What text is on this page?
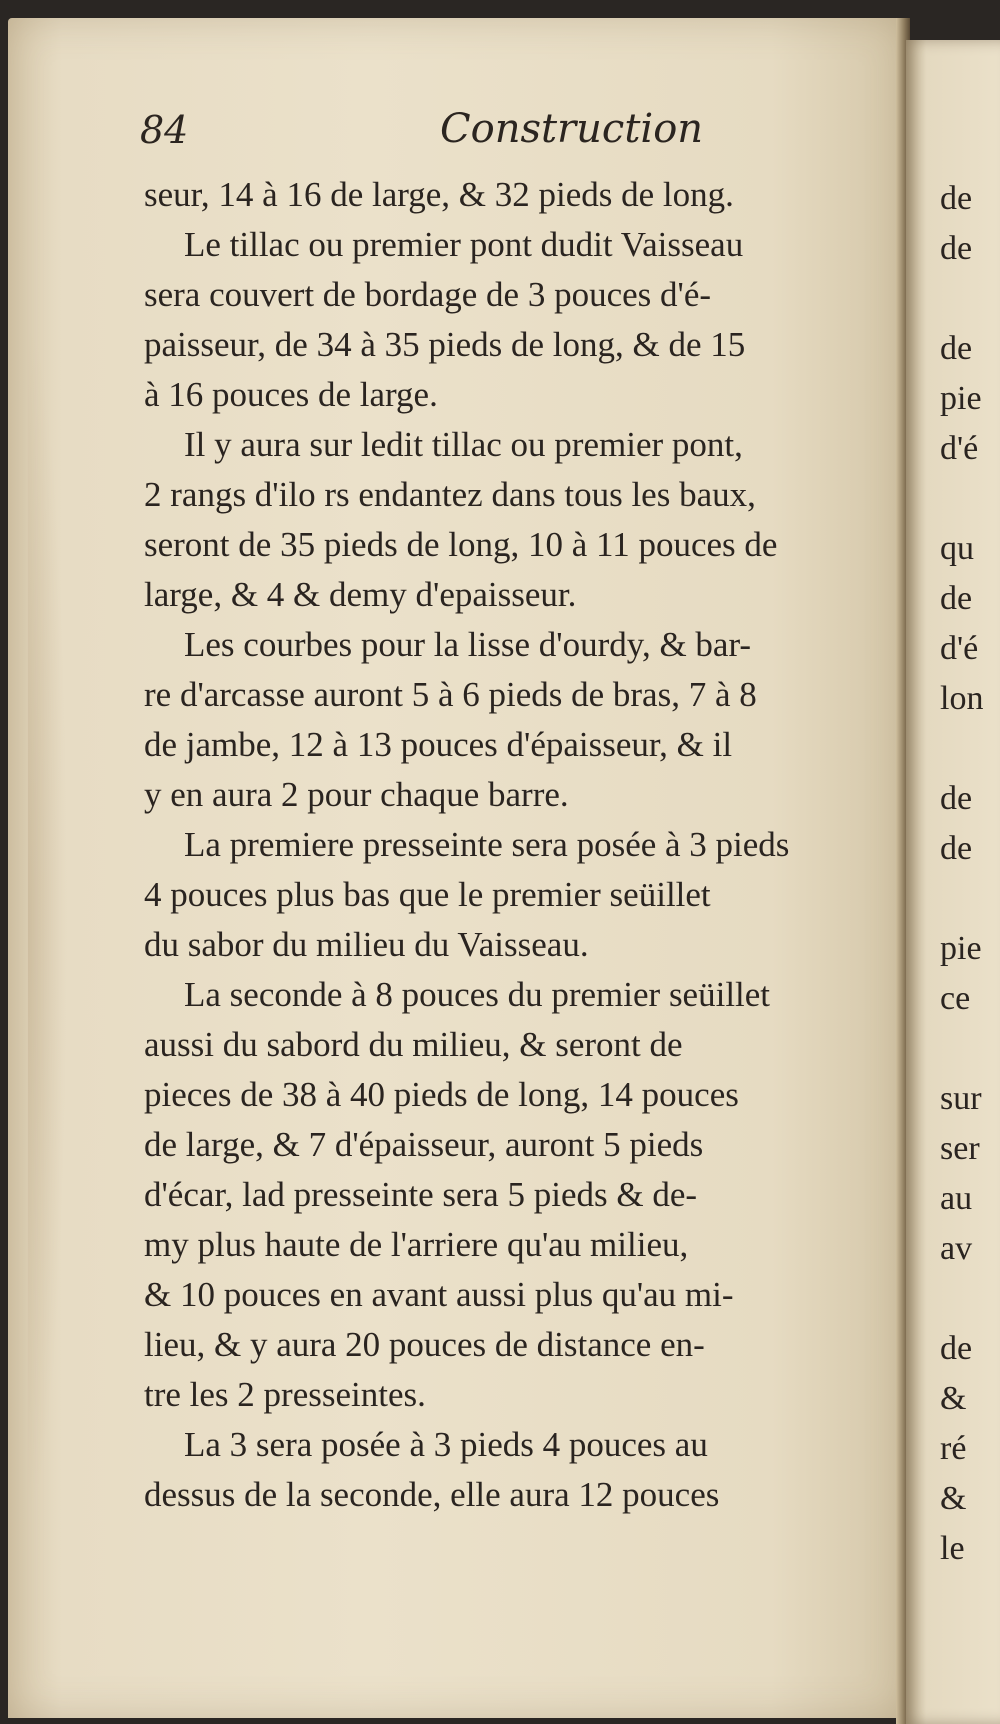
84	Construction
seur, 14 à 16 de large, & 32 pieds de long.
Le tillac ou premier pont dudit Vaisseau
sera couvert de bordage de 3 pouces d'é-
paisseur, de 34 à 35 pieds de long, & de 15
à 16 pouces de large.
Il y aura sur ledit tillac ou premier pont,
2 rangs d'ilo rs endantez dans tous les baux,
seront de 35 pieds de long, 10 à 11 pouces de
large, & 4 & demy d'epaisseur.
Les courbes pour la lisse d'ourdy, & bar-
re d'arcasse auront 5 à 6 pieds de bras, 7 à 8
de jambe, 12 à 13 pouces d'épaisseur, & il
y en aura 2 pour chaque barre.
La premiere presseinte sera posée à 3 pieds
4 pouces plus bas que le premier seüillet
du sabor du milieu du Vaisseau.
La seconde à 8 pouces du premier seüillet
aussi du sabord du milieu, & seront de
pieces de 38 à 40 pieds de long, 14 pouces
de large, & 7 d'épaisseur, auront 5 pieds
d'écar, lad presseinte sera 5 pieds & de-
my plus haute de l'arriere qu'au milieu,
& 10 pouces en avant aussi plus qu'au mi-
lieu, & y aura 20 pouces de distance en-
tre les 2 presseintes.
La 3 sera posée à 3 pieds 4 pouces au
dessus de la seconde, elle aura 12 pouces
de
de
de
pie
d'é
qu
de
d'é
lon
de
de
pie
ce
sur
ser
au
av
de
&
ré
&
le
